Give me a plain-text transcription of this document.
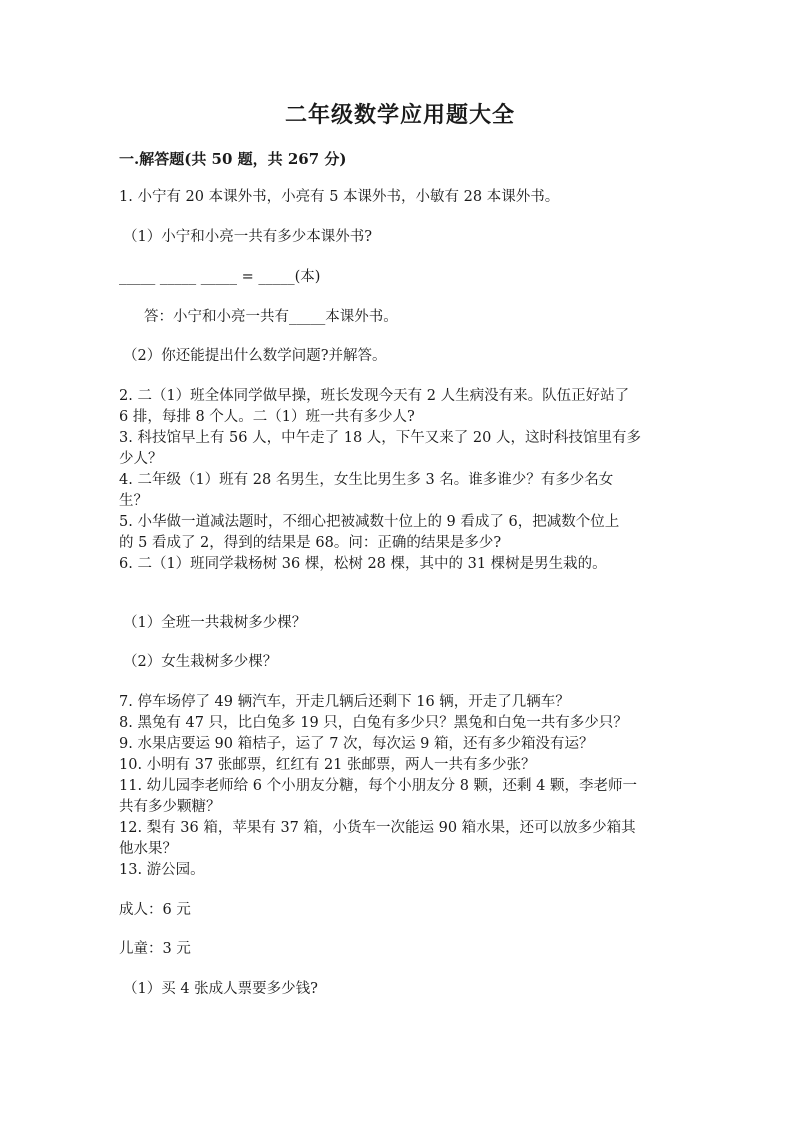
二年级数学应用题大全
一.解答题(共 50 题，共 267 分)
1. 小宁有 20 本课外书，小亮有 5 本课外书，小敏有 28 本课外书。
（1）小宁和小亮一共有多少本课外书?
_____ _____ _____ = _____(本)
答：小宁和小亮一共有_____本课外书。
（2）你还能提出什么数学问题?并解答。
2. 二（1）班全体同学做早操，班长发现今天有 2 人生病没有来。队伍正好站了
6 排，每排 8 个人。二（1）班一共有多少人?
3. 科技馆早上有 56 人，中午走了 18 人，下午又来了 20 人，这时科技馆里有多
少人？
4. 二年级（1）班有 28 名男生，女生比男生多 3 名。谁多谁少？有多少名女
生？
5. 小华做一道减法题时，不细心把被减数十位上的 9 看成了 6，把减数个位上
的 5 看成了 2，得到的结果是 68。问：正确的结果是多少?
6. 二（1）班同学栽杨树 36 棵，松树 28 棵，其中的 31 棵树是男生栽的。
（1）全班一共栽树多少棵？
（2）女生栽树多少棵？
7. 停车场停了 49 辆汽车，开走几辆后还剩下 16 辆，开走了几辆车？
8. 黑兔有 47 只，比白兔多 19 只，白兔有多少只？黑兔和白兔一共有多少只？
9. 水果店要运 90 箱桔子，运了 7 次，每次运 9 箱，还有多少箱没有运？
10. 小明有 37 张邮票，红红有 21 张邮票，两人一共有多少张？
11. 幼儿园李老师给 6 个小朋友分糖，每个小朋友分 8 颗，还剩 4 颗，李老师一
共有多少颗糖？
12. 梨有 36 箱，苹果有 37 箱，小货车一次能运 90 箱水果，还可以放多少箱其
他水果？
13. 游公园。
成人：6 元
儿童：3 元
（1）买 4 张成人票要多少钱?
